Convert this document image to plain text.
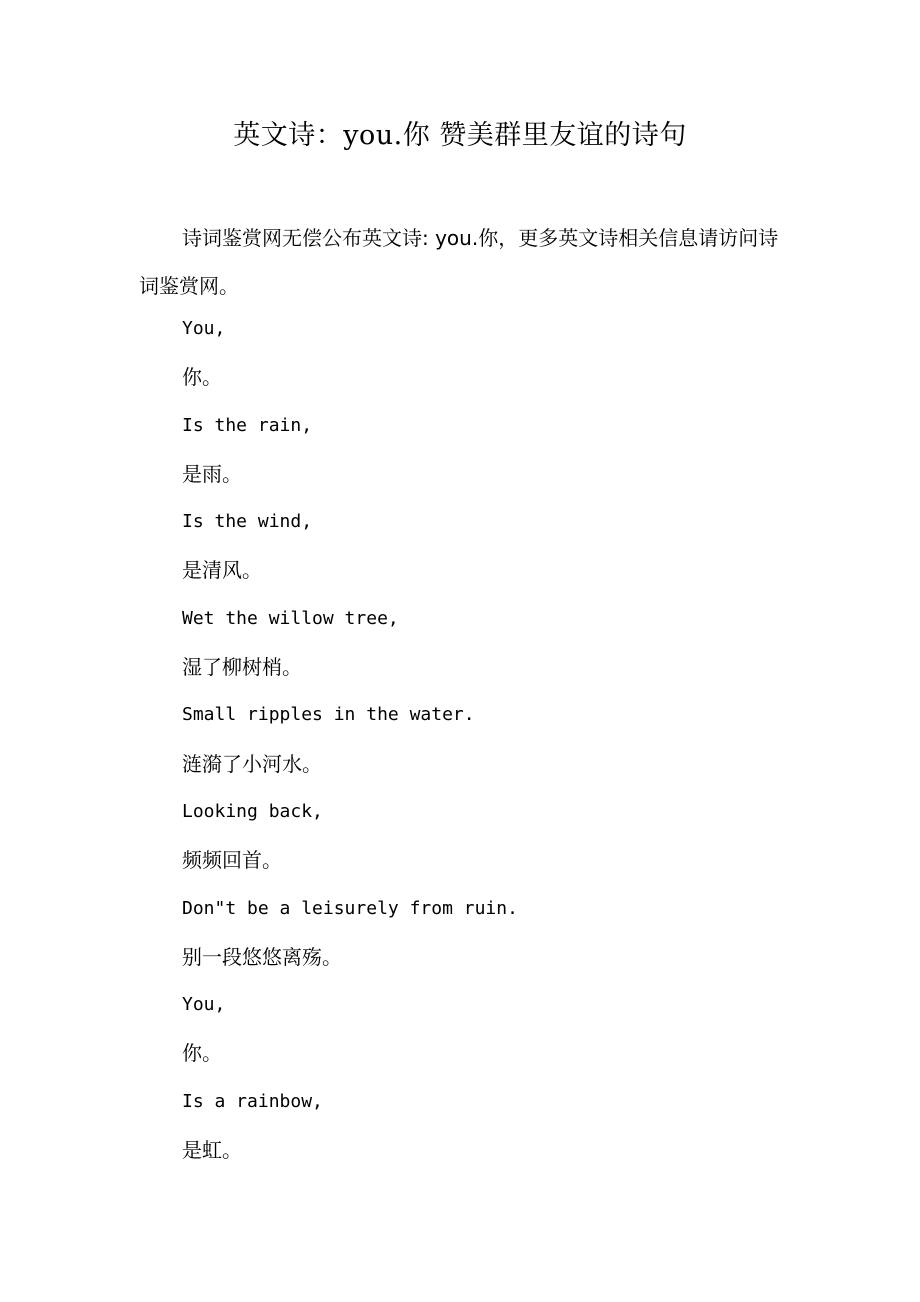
英文诗：you.你 赞美群里友谊的诗句

诗词鉴赏网无偿公布英文诗: you.你，更多英文诗相关信息请访问诗词鉴赏网。

You,
你。
Is the rain,
是雨。
Is the wind,
是清风。
Wet the willow tree,
湿了柳树梢。
Small ripples in the water.
涟漪了小河水。
Looking back,
频频回首。
Don"t be a leisurely from ruin.
别一段悠悠离殇。
You,
你。
Is a rainbow,
是虹。
